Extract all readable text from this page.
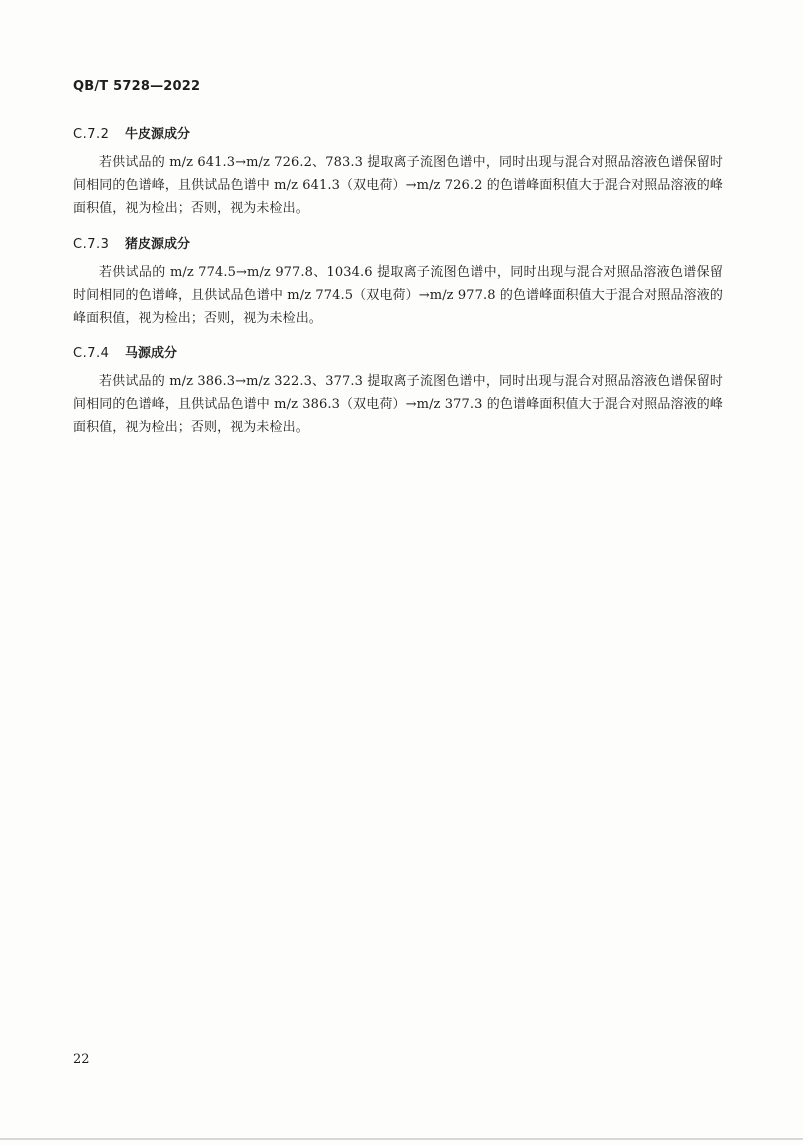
QB/T 5728—2022
C.7.2 牛皮源成分
若供试品的 m/z 641.3→m/z 726.2、783.3 提取离子流图色谱中，同时出现与混合对照品溶液色谱保留时间相同的色谱峰，且供试品色谱中 m/z 641.3（双电荷）→m/z 726.2 的色谱峰面积值大于混合对照品溶液的峰面积值，视为检出；否则，视为未检出。
C.7.3 猪皮源成分
若供试品的 m/z 774.5→m/z 977.8、1034.6 提取离子流图色谱中，同时出现与混合对照品溶液色谱保留时间相同的色谱峰，且供试品色谱中 m/z 774.5（双电荷）→m/z 977.8 的色谱峰面积值大于混合对照品溶液的峰面积值，视为检出；否则，视为未检出。
C.7.4 马源成分
若供试品的 m/z 386.3→m/z 322.3、377.3 提取离子流图色谱中，同时出现与混合对照品溶液色谱保留时间相同的色谱峰，且供试品色谱中 m/z 386.3（双电荷）→m/z 377.3 的色谱峰面积值大于混合对照品溶液的峰面积值，视为检出；否则，视为未检出。
22
